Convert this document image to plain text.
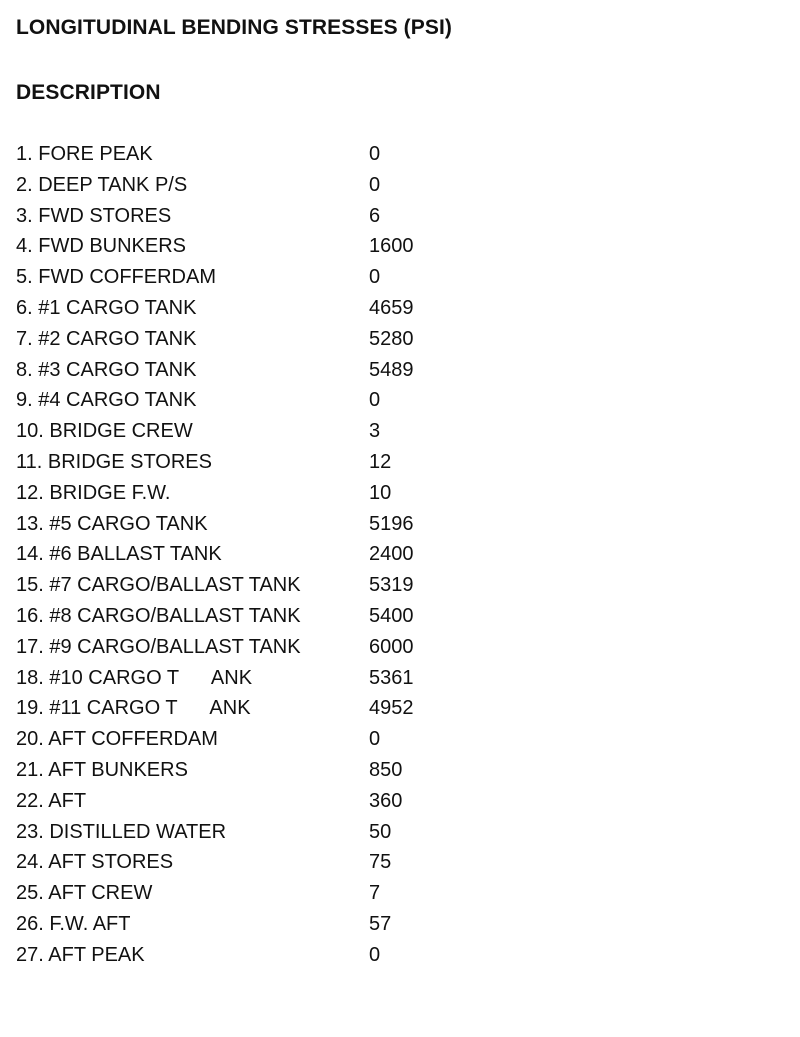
LONGITUDINAL BENDING STRESSES (PSI)
DESCRIPTION
1. FORE PEAK	0
2. DEEP TANK P/S	0
3. FWD STORES	6
4. FWD BUNKERS	1600
5. FWD COFFERDAM	0
6. #1 CARGO TANK	4659
7. #2 CARGO TANK	5280
8. #3 CARGO TANK	5489
9. #4 CARGO TANK	0
10. BRIDGE CREW	3
11. BRIDGE STORES	12
12. BRIDGE F.W.	10
13. #5 CARGO TANK	5196
14. #6 BALLAST TANK	2400
15. #7 CARGO/BALLAST TANK	5319
16. #8 CARGO/BALLAST TANK	5400
17. #9 CARGO/BALLAST TANK	6000
18. #10 CARGO T      ANK	5361
19. #11 CARGO T      ANK	4952
20. AFT COFFERDAM	0
21. AFT BUNKERS	850
22. AFT	360
23. DISTILLED WATER	50
24. AFT STORES	75
25. AFT CREW	7
26. F.W. AFT	57
27. AFT PEAK	0
